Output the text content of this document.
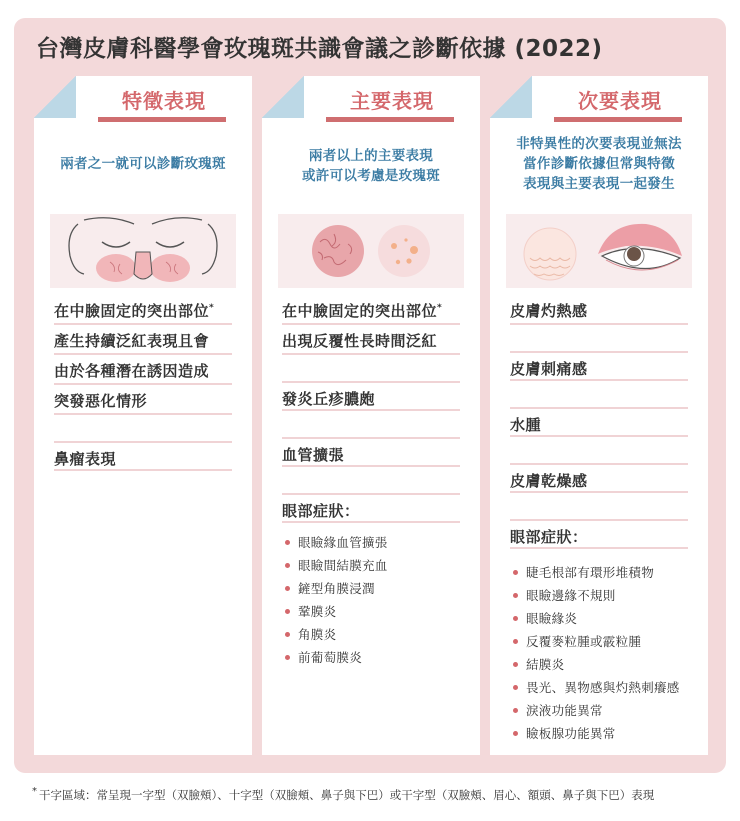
台灣皮膚科醫學會玫瑰斑共識會議之診斷依據 (2022)
特徵表現
兩者之一就可以診斷玫瑰斑
在中臉固定的突出部位*
產生持續泛紅表現且會
由於各種潛在誘因造成
突發惡化情形
鼻瘤表現
主要表現
兩者以上的主要表現
或許可以考慮是玫瑰斑
在中臉固定的突出部位*
出現反覆性長時間泛紅
發炎丘疹膿皰
血管擴張
眼部症狀：
眼瞼緣血管擴張
眼瞼間結膜充血
鏟型角膜浸潤
鞏膜炎
角膜炎
前葡萄膜炎
次要表現
非特異性的次要表現並無法
當作診斷依據但常與特徵
表現與主要表現一起發生
皮膚灼熱感
皮膚刺痛感
水腫
皮膚乾燥感
眼部症狀：
睫毛根部有環形堆積物
眼瞼邊緣不規則
眼瞼緣炎
反覆麥粒腫或霰粒腫
結膜炎
畏光、異物感與灼熱刺癢感
淚液功能異常
瞼板腺功能異常
* 干字區域：常呈現一字型（双臉頰）、十字型（双臉頰、鼻子與下巴）或干字型（双臉頰、眉心、額頭、鼻子與下巴）表現
